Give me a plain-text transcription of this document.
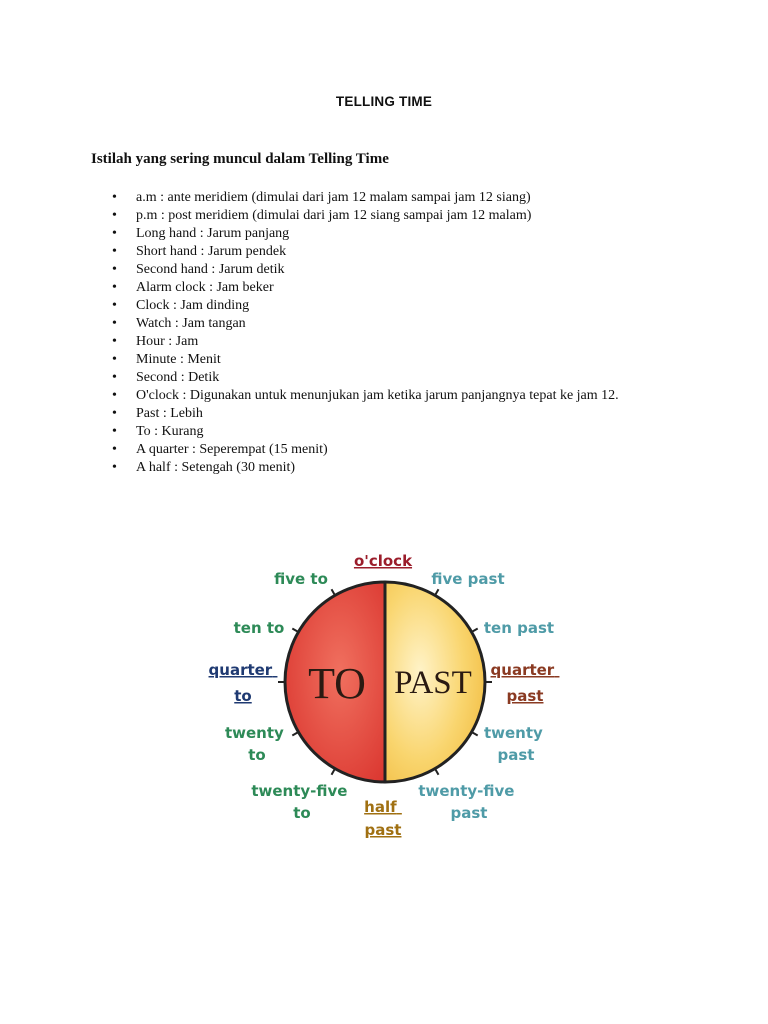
TELLING TIME
Istilah yang sering muncul dalam Telling Time
• a.m : ante meridiem (dimulai dari jam 12 malam sampai jam 12 siang)
• p.m : post meridiem (dimulai dari jam 12 siang sampai jam 12 malam)
• Long hand : Jarum panjang
• Short hand : Jarum pendek
• Second hand : Jarum detik
• Alarm clock : Jam beker
• Clock : Jam dinding
• Watch : Jam tangan
• Hour : Jam
• Minute : Menit
• Second : Detik
• O'clock : Digunakan untuk menunjukan jam ketika jarum panjangnya tepat ke jam 12.
• Past : Lebih
• To : Kurang
• A quarter : Seperempat (15 menit)
• A half : Setengah (30 menit)
TO PAST
o'clock
five to
ten to
quarter to
twenty to
twenty-five to	half past
five past
ten past
quarter past
twenty past
twenty-five past
